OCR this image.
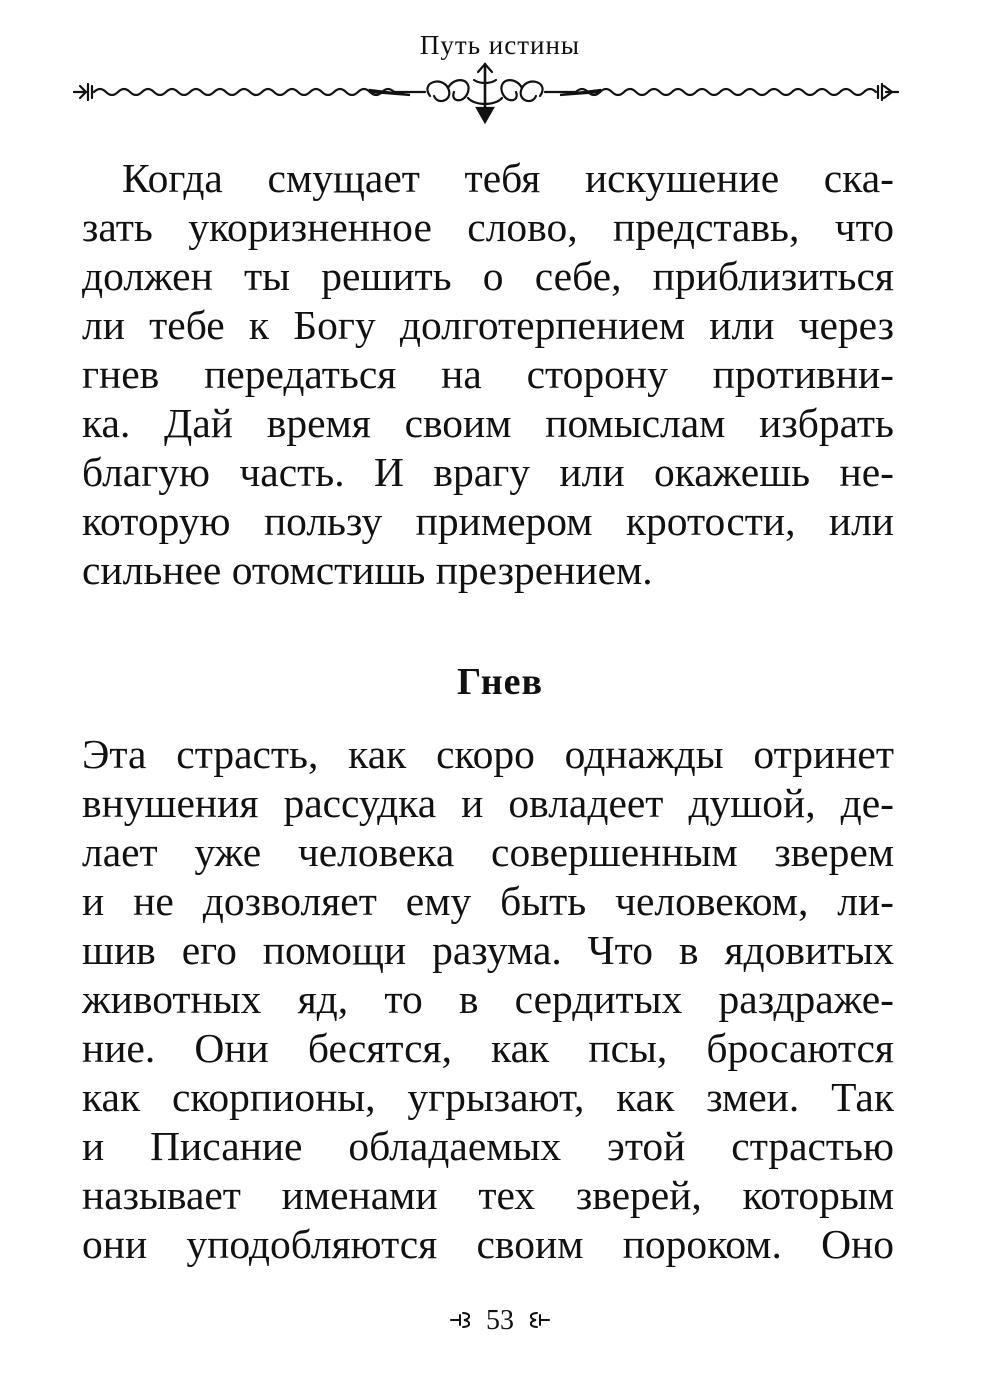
Путь истины
Когда смущает тебя искушение ска-
зать укоризненное слово, представь, что
должен ты решить о себе, приблизиться
ли тебе к Богу долготерпением или через
гнев передаться на сторону противни-
ка. Дай время своим помыслам избрать
благую часть. И врагу или окажешь не-
которую пользу примером кротости, или
сильнее отомстишь презрением.
Гнев
Эта страсть, как скоро однажды отринет
внушения рассудка и овладеет душой, де-
лает уже человека совершенным зверем
и не дозволяет ему быть человеком, ли-
шив его помощи разума. Что в ядовитых
животных яд, то в сердитых раздраже-
ние. Они бесятся, как псы, бросаются
как скорпионы, угрызают, как змеи. Так
и Писание обладаемых этой страстью
называет именами тех зверей, которым
они уподобляются своим пороком. Оно
53
